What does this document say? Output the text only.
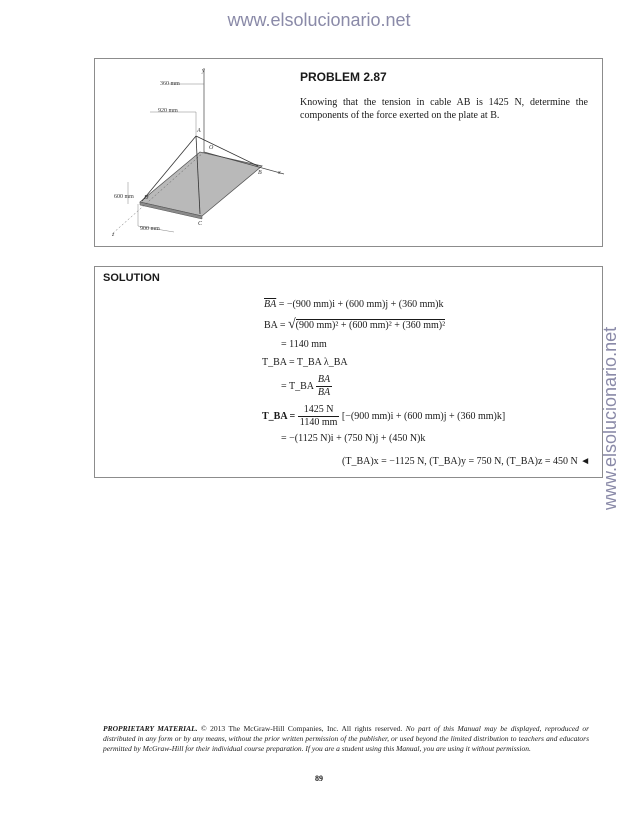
www.elsolucionario.net
www.elsolucionario.net
360 mm
920 mm
600 mm
900 mm
A
B
C
D
O
x
y
z
PROBLEM 2.87
Knowing that the tension in cable AB is 1425 N, determine the components of the force exerted on the plate at B.
SOLUTION
$\overline{BA} = -(900$ mm)i + (600 mm)j + (360 mm)k
BA = √(900 mm)² + (600 mm)² + (360 mm)²
= 1140 mm
T_BA = T_BA λ_BA
= T_BA $\frac{BA}{BA}$
T_BA = $\frac{1425 N}{1140 mm} [-(900$ mm)i + (600 mm)j + (360 mm)k]
= −(1125 N)i + (750 N)j + (450 N)k
(T_BA)x = −1125 N, (T_BA)y = 750 N, (T_BA)z = 450 N ◄
PROPRIETARY MATERIAL. © 2013 The McGraw-Hill Companies, Inc. All rights reserved. No part of this Manual may be displayed, reproduced or distributed in any form or by any means, without the prior written permission of the publisher, or used beyond the limited distribution to teachers and educators permitted by McGraw-Hill for their individual course preparation. If you are a student using this Manual, you are using it without permission.
89
